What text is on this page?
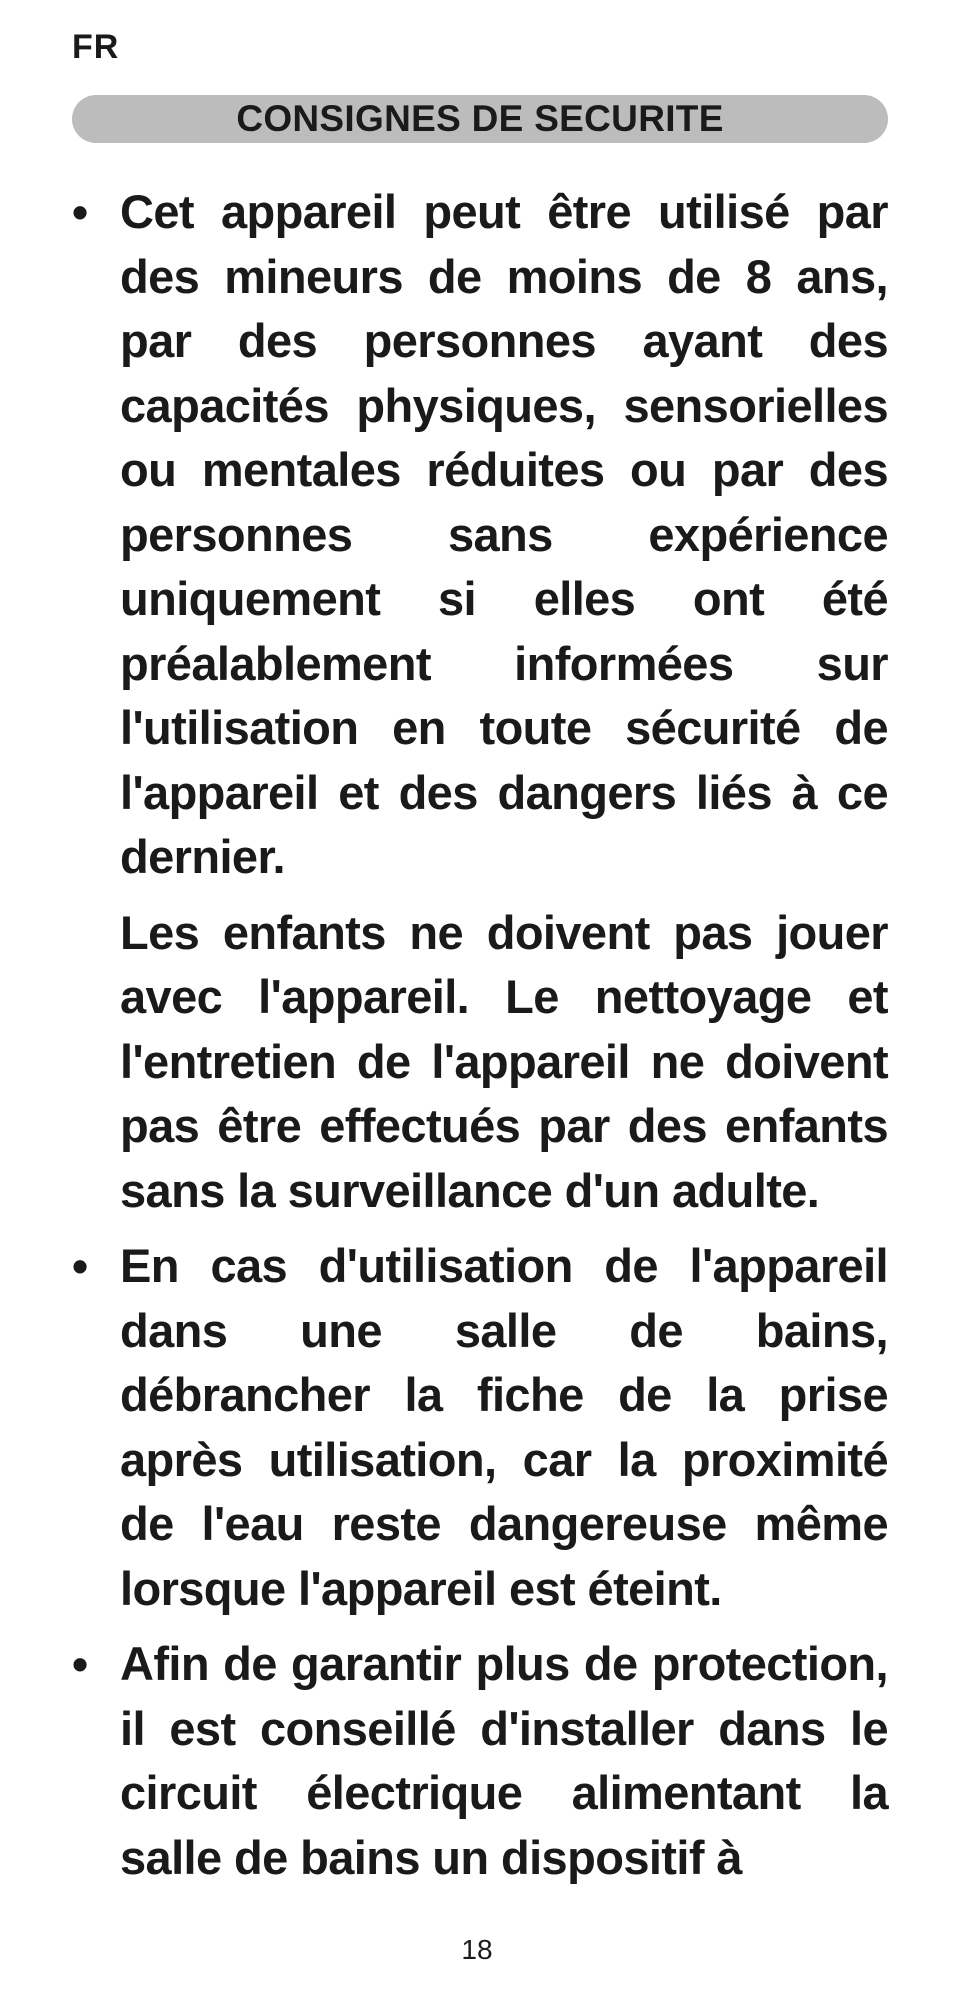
FR
CONSIGNES DE SECURITE
• Cet appareil peut être utilisé par des mineurs de moins de 8 ans, par des personnes ayant des capacités physiques, sensorielles ou mentales réduites ou par des personnes sans expérience uniquement si elles ont été préalablement informées sur l'utilisation en toute sécurité de l'appareil et des dangers liés à ce dernier.

Les enfants ne doivent pas jouer avec l'appareil. Le nettoyage et l'entretien de l'appareil ne doivent pas être effectués par des enfants sans la surveillance d'un adulte.

• En cas d'utilisation de l'appareil dans une salle de bains, débrancher la fiche de la prise après utilisation, car la proximité de l'eau reste dangereuse même lorsque l'appareil est éteint.

• Afin de garantir plus de protection, il est conseillé d'installer dans le circuit électrique alimentant la salle de bains un dispositif à

18
